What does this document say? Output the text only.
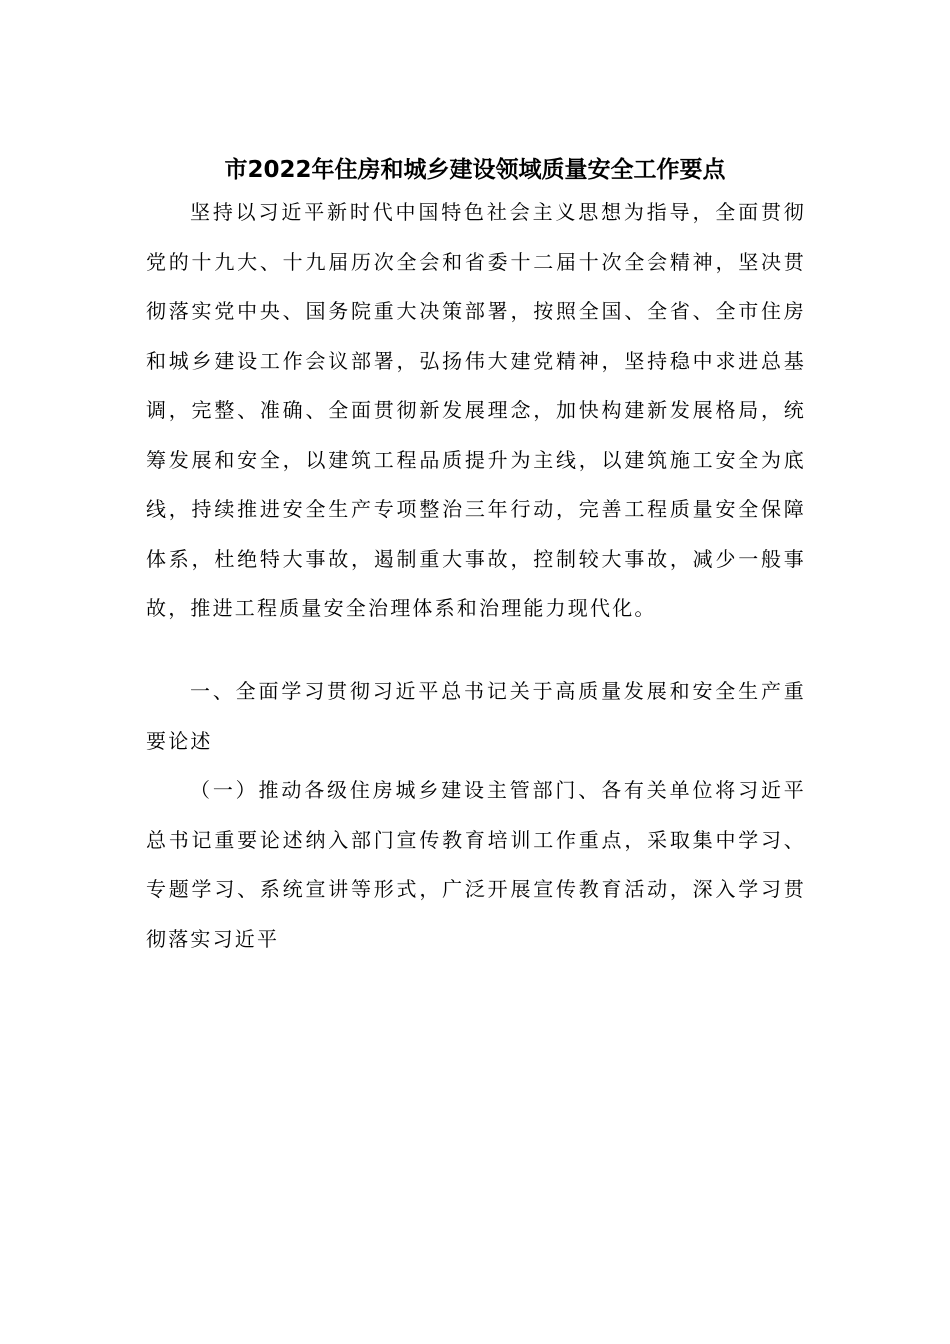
市2022年住房和城乡建设领域质量安全工作要点

坚持以习近平新时代中国特色社会主义思想为指导，全面贯彻党的十九大、十九届历次全会和省委十二届十次全会精神，坚决贯彻落实党中央、国务院重大决策部署，按照全国、全省、全市住房和城乡建设工作会议部署，弘扬伟大建党精神，坚持稳中求进总基调，完整、准确、全面贯彻新发展理念，加快构建新发展格局，统筹发展和安全，以建筑工程品质提升为主线，以建筑施工安全为底线，持续推进安全生产专项整治三年行动，完善工程质量安全保障体系，杜绝特大事故，遏制重大事故，控制较大事故，减少一般事故，推进工程质量安全治理体系和治理能力现代化。

一、全面学习贯彻习近平总书记关于高质量发展和安全生产重要论述

（一）推动各级住房城乡建设主管部门、各有关单位将习近平总书记重要论述纳入部门宣传教育培训工作重点，采取集中学习、专题学习、系统宣讲等形式，广泛开展宣传教育活动，深入学习贯彻落实习近平
